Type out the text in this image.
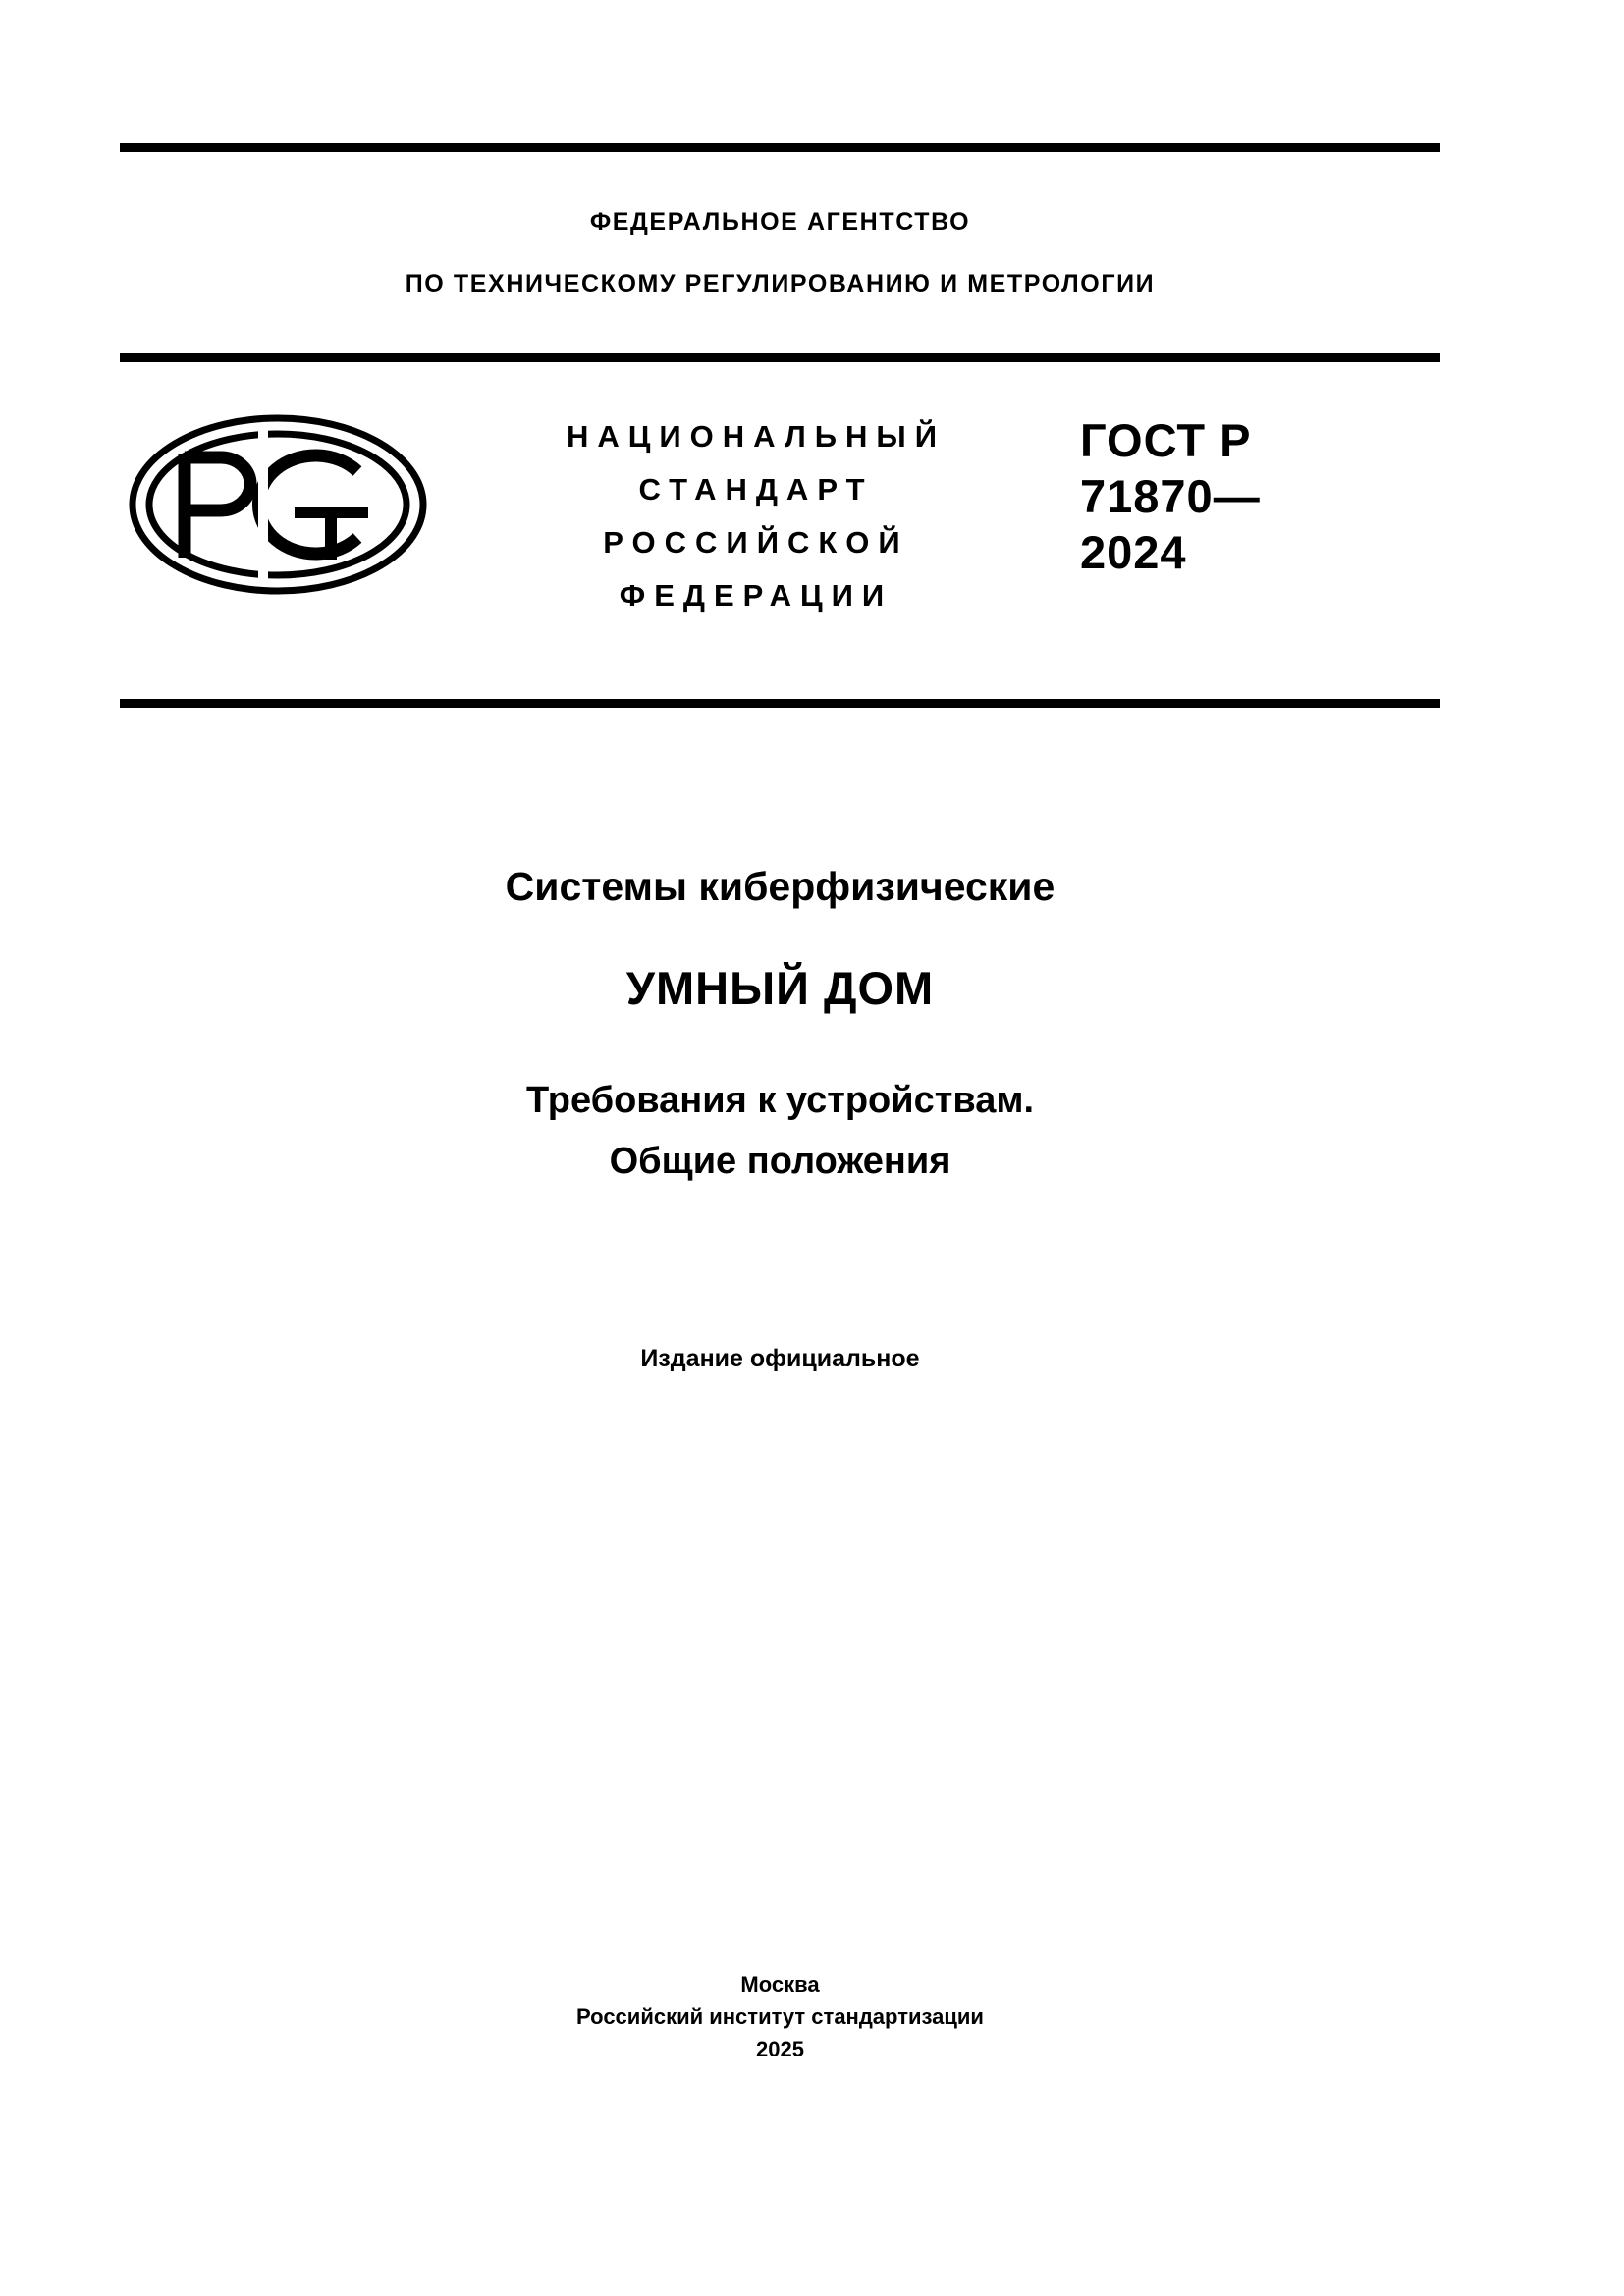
ФЕДЕРАЛЬНОЕ АГЕНТСТВО
ПО ТЕХНИЧЕСКОМУ РЕГУЛИРОВАНИЮ И МЕТРОЛОГИИ
НАЦИОНАЛЬНЫЙ
СТАНДАРТ
РОССИЙСКОЙ
ФЕДЕРАЦИИ
ГОСТ Р
71870—
2024
Системы киберфизические
УМНЫЙ ДОМ
Требования к устройствам.
Общие положения
Издание официальное
Москва
Российский институт стандартизации
2025
